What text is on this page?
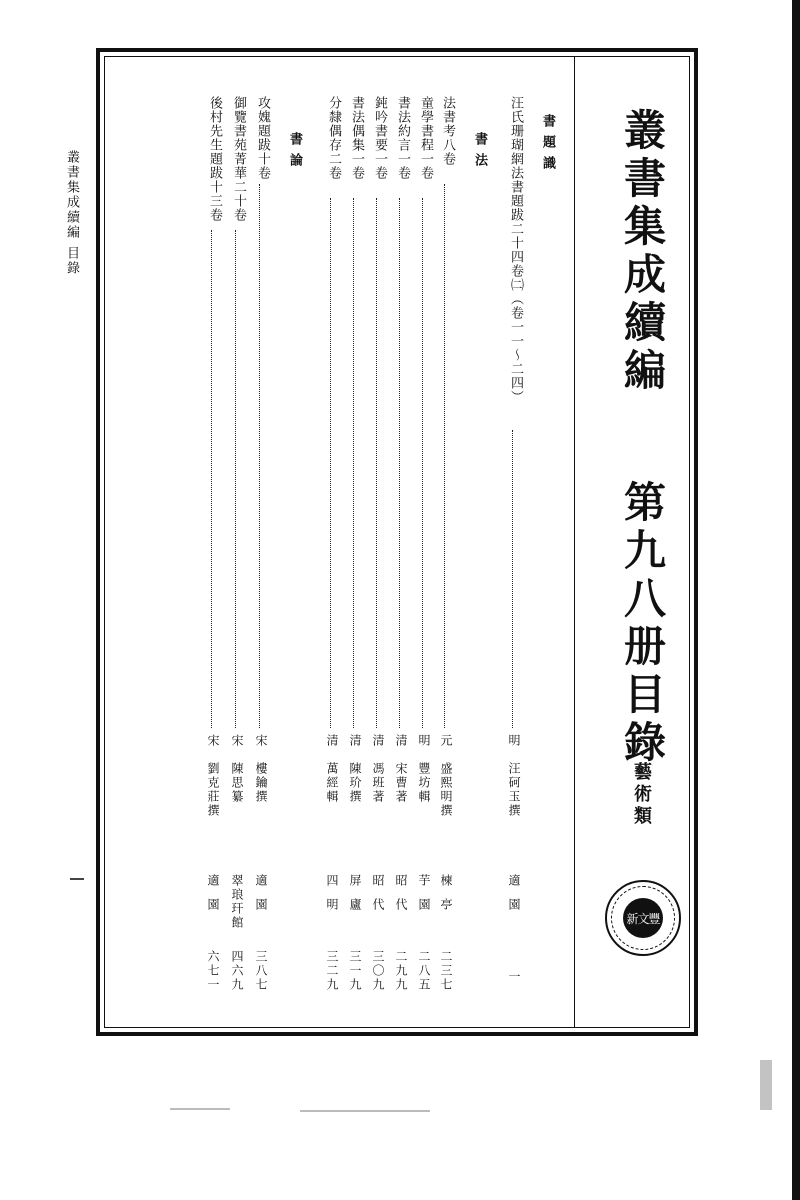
叢書集成續編
目錄	叢書集成續編
第九八册目錄
藝術類
新文豐
書題識
書法
書論	汪氏珊瑚網法書題跋二十四卷㈡（卷一一～二四）
明
汪砢玉撰
適園
一
法書考八卷
元
盛熙明撰
楝亭
二三七
童學書程一卷
明
豐坊輯
芋園
二八五
書法約言一卷
清
宋曹著
昭代
二九九
鈍吟書要一卷
清
馮班著
昭代
三〇九
書法偶集一卷
清
陳玠撰
屏廬
三一九
分隸偶存二卷
清
萬經輯
四明
三二九
攻媿題跋十卷
宋
樓鑰撰
適園
三八七
御覽書苑菁華二十卷
宋
陳思纂
翠琅玕館
四六九
後村先生題跋十三卷
宋
劉克莊撰
適園
六七一
